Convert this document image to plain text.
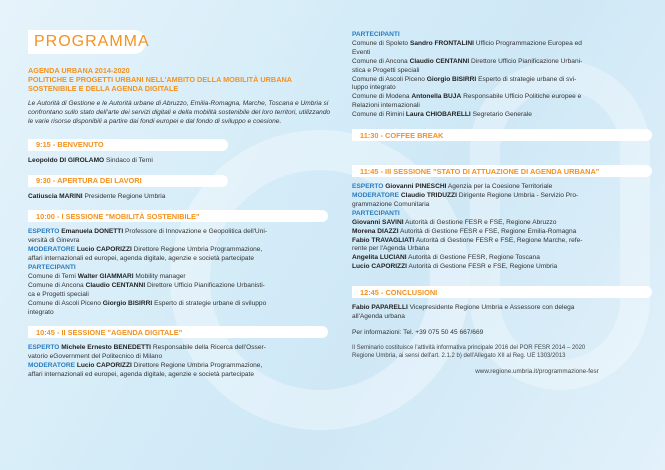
PROGRAMMA
AGENDA URBANA 2014-2020
POLITICHE E PROGETTI URBANI NELL'AMBITO DELLA MOBILITÀ URBANA
SOSTENIBILE E DELLA AGENDA DIGITALE
Le Autorità di Gestione e le Autorità urbane di Abruzzo, Emilia-Romagna, Marche, Toscana e Umbria si confrontano sullo stato dell'arte dei servizi digitali e della mobilità sostenibile del loro territori, utilizzando le varie risorse disponibili a partire dai fondi europei e dal fondo di sviluppo e coesione.
9:15 - BENVENUTO
Leopoldo DI GIROLAMO Sindaco di Terni
9:30 - APERTURA DEI LAVORI
Catiuscia MARINI Presidente Regione Umbria
10:00 - I SESSIONE "MOBILITÀ SOSTENIBILE"
ESPERTO Emanuela DONETTI Professore di Innovazione e Geopolitica dell'Uni-
versità di Ginevra
MODERATORE Lucio CAPORIZZI Direttore Regione Umbria Programmazione,
affari internazionali ed europei, agenda digitale, agenzie e società partecipate
PARTECIPANTI
Comune di Terni Walter GIAMMARI Mobility manager
Comune di Ancona Claudio CENTANNI Direttore Ufficio Pianificazione Urbanisti-
ca e Progetti speciali
Comune di Ascoli Piceno Giorgio BISIRRI Esperto di strategie urbane di sviluppo
integrato
10:45 - II SESSIONE "AGENDA DIGITALE"
ESPERTO Michele Ernesto BENEDETTI Responsabile della Ricerca dell'Osser-
vatorio eGovernment del Politecnico di Milano
MODERATORE Lucio CAPORIZZI Direttore Regione Umbria Programmazione,
affari internazionali ed europei, agenda digitale, agenzie e società partecipate
PARTECIPANTI
Comune di Spoleto Sandro FRONTALINI Ufficio Programmazione Europea ed
Eventi
Comune di Ancona Claudio CENTANNI Direttore Ufficio Pianificazione Urbani-
stica e Progetti speciali
Comune di Ascoli Piceno Giorgio BISIRRI Esperto di strategie urbane di svi-
luppo integrato
Comune di Modena Antonella BUJA Responsabile Ufficio Politiche europee e
Relazioni internazionali
Comune di Rimini Laura CHIOBARELLI Segretario Generale
11:30 - COFFEE BREAK
11:45 - III SESSIONE "STATO DI ATTUAZIONE DI AGENDA URBANA"
ESPERTO Giovanni PINESCHI Agenzia per la Coesione Territoriale
MODERATORE Claudio TRIDUZZI Dirigente Regione Umbria - Servizio Pro-
grammazione Comunitaria
PARTECIPANTI
Giovanni SAVINI Autorità di Gestione FESR e FSE, Regione Abruzzo
Morena DIAZZI Autorità di Gestione FESR e FSE, Regione Emilia-Romagna
Fabio TRAVAGLIATI Autorità di Gestione FESR e FSE, Regione Marche, refe-
rente per l'Agenda Urbana
Angelita LUCIANI Autorità di Gestione FESR, Regione Toscana
Lucio CAPORIZZI Autorità di Gestione FESR e FSE, Regione Umbria
12:45 - CONCLUSIONI
Fabio PAPARELLI Vicepresidente Regione Umbria e Assessore con delega
all'Agenda urbana
Per informazioni: Tel. +39 075 50 45 667/669
Il Seminario costituisce l'attività informativa principale 2016 del POR FESR 2014 – 2020
Regione Umbria, ai sensi dell'art. 2.1.2 b) dell'Allegato XII al Reg. UE 1303/2013
www.regione.umbria.it/programmazione-fesr
